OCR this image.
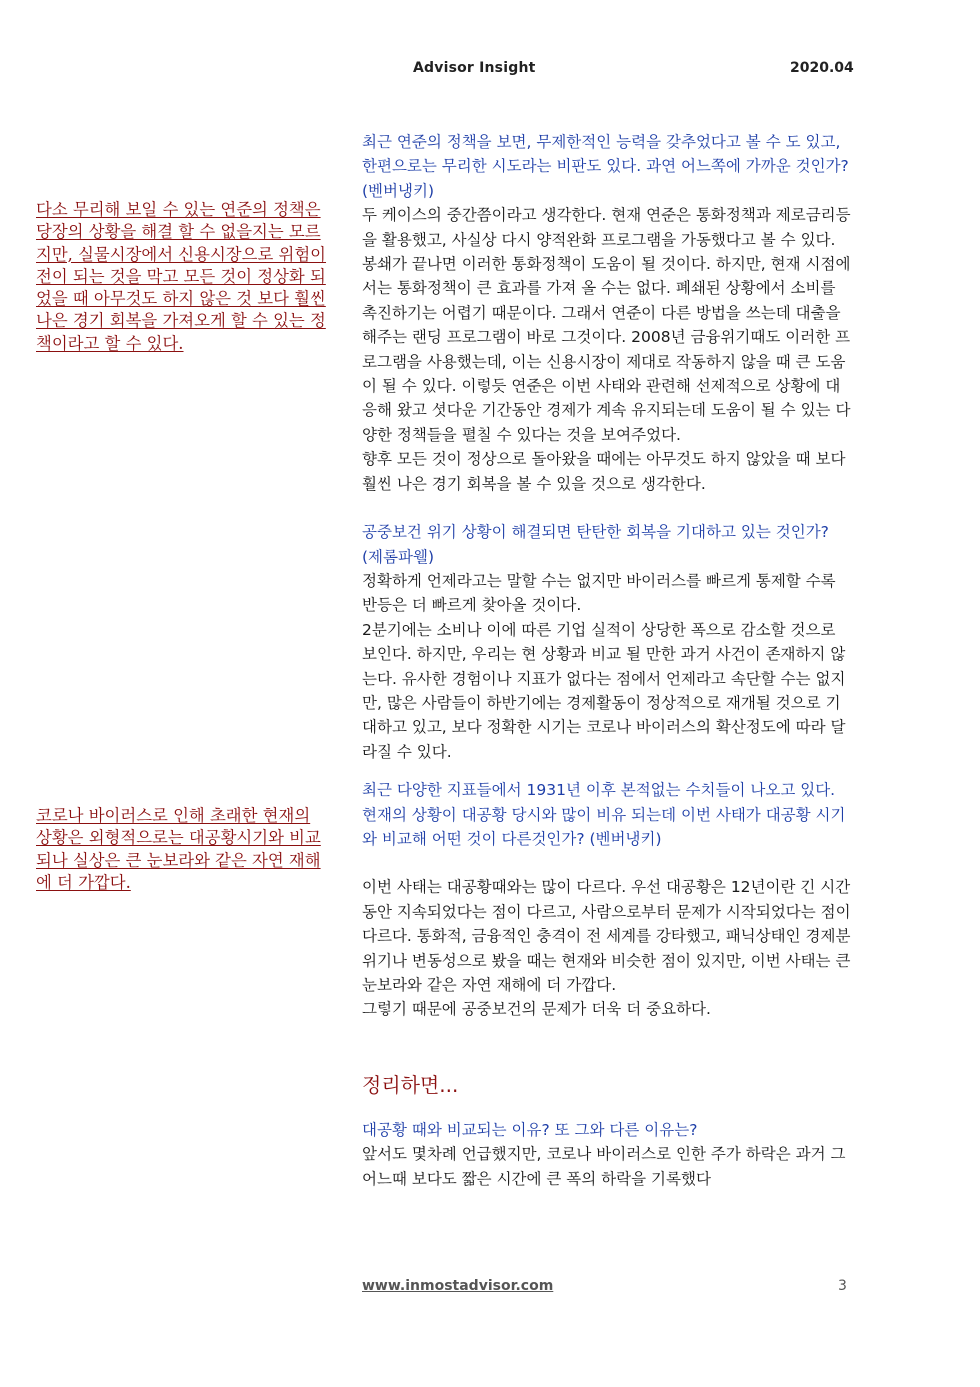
Advisor Insight	2020.04

다소 무리해 보일 수 있는 연준의 정책은 당장의 상황을 해결 할 수 없을지는 모르지만, 실물시장에서 신용시장으로 위험이 전이 되는 것을 막고 모든 것이 정상화 되었을 때 아무것도 하지 않은 것 보다 훨씬 나은 경기 회복을 가져오게 할 수 있는 정책이라고 할 수 있다.

코로나 바이러스로 인해 초래한 현재의 상황은 외형적으로는 대공황시기와 비교되나 실상은 큰 눈보라와 같은 자연 재해에 더 가깝다.

최근 연준의 정책을 보면, 무제한적인 능력을 갖추었다고 볼 수 도 있고, 한편으로는 무리한 시도라는 비판도 있다. 과연 어느쪽에 가까운 것인가? (벤버냉키)

두 케이스의 중간쯤이라고 생각한다. 현재 연준은 통화정책과 제로금리등을 활용했고, 사실상 다시 양적완화 프로그램을 가동했다고 볼 수 있다. 봉쇄가 끝나면 이러한 통화정책이 도움이 될 것이다. 하지만, 현재 시점에서는 통화정책이 큰 효과를 가져 올 수는 없다. 폐쇄된 상황에서 소비를 촉진하기는 어렵기 때문이다. 그래서 연준이 다른 방법을 쓰는데 대출을 해주는 랜딩 프로그램이 바로 그것이다. 2008년 금융위기때도 이러한 프로그램을 사용했는데, 이는 신용시장이 제대로 작동하지 않을 때 큰 도움이 될 수 있다. 이렇듯 연준은 이번 사태와 관련해 선제적으로 상황에 대응해 왔고 셧다운 기간동안 경제가 계속 유지되는데 도움이 될 수 있는 다양한 정책들을 펼칠 수 있다는 것을 보여주었다.

향후 모든 것이 정상으로 돌아왔을 때에는 아무것도 하지 않았을 때 보다 훨씬 나은 경기 회복을 볼 수 있을 것으로 생각한다.

공중보건 위기 상황이 해결되면 탄탄한 회복을 기대하고 있는 것인가? (제롬파웰)

정확하게 언제라고는 말할 수는 없지만 바이러스를 빠르게 통제할 수록 반등은 더 빠르게 찾아올 것이다.

2분기에는 소비나 이에 따른 기업 실적이 상당한 폭으로 감소할 것으로 보인다. 하지만, 우리는 현 상황과 비교 될 만한 과거 사건이 존재하지 않는다. 유사한 경험이나 지표가 없다는 점에서 언제라고 속단할 수는 없지만, 많은 사람들이 하반기에는 경제활동이 정상적으로 재개될 것으로 기대하고 있고, 보다 정확한 시기는 코로나 바이러스의 확산정도에 따라 달라질 수 있다.

최근 다양한 지표들에서 1931년 이후 본적없는 수치들이 나오고 있다. 현재의 상황이 대공황 당시와 많이 비유 되는데 이번 사태가 대공황 시기와 비교해 어떤 것이 다른것인가? (벤버냉키)

이번 사태는 대공황때와는 많이 다르다. 우선 대공황은 12년이란 긴 시간동안 지속되었다는 점이 다르고, 사람으로부터 문제가 시작되었다는 점이 다르다. 통화적, 금융적인 충격이 전 세계를 강타했고, 패닉상태인 경제분위기나 변동성으로 봤을 때는 현재와 비슷한 점이 있지만, 이번 사태는 큰 눈보라와 같은 자연 재해에 더 가깝다.

그렇기 때문에 공중보건의 문제가 더욱 더 중요하다.

정리하면...

대공황 때와 비교되는 이유? 또 그와 다른 이유는?

앞서도 몇차례 언급했지만, 코로나 바이러스로 인한 주가 하락은 과거 그 어느때 보다도 짧은 시간에 큰 폭의 하락을 기록했다

www.inmostadvisor.com	3
